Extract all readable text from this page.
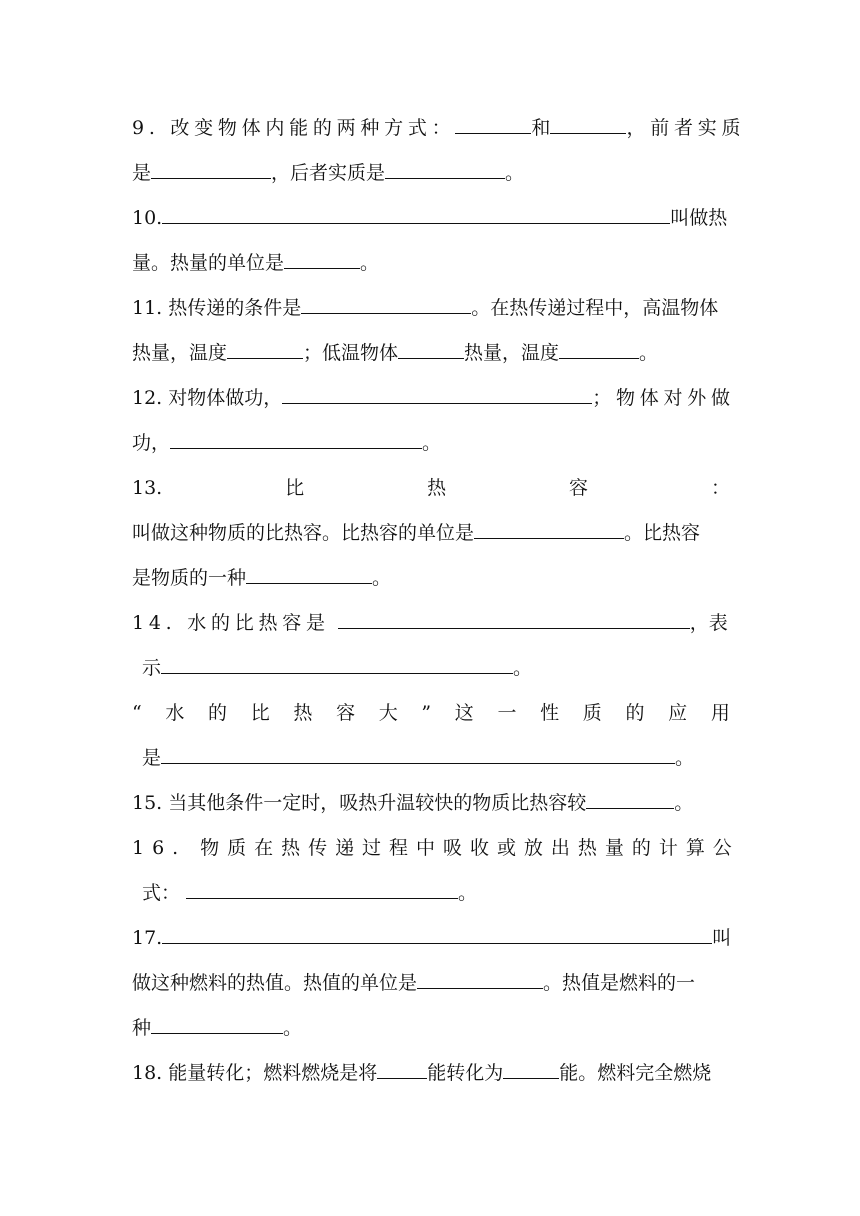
9. 改变物体内能的两种方式：	和	，前者实质
是	，后者实质是	。
10.	叫做热
量。热量的单位是	。
11. 热传递的条件是	。在热传递过程中，高温物体
热量，温度	；低温物体	热量，温度	。
12. 对物体做功，	；物体对外做
功，	。
13.	比	热	容	：
叫做这种物质的比热容。比热容的单位是	。比热容
是物质的一种	。
14. 水的比热容是	，表
示	。
“ 水 的 比 热 容 大 ” 这 一 性 质 的 应 用
是	。
15. 当其他条件一定时，吸热升温较快的物质比热容较	。
16. 物质在热传递过程中吸收或放出热量的计算公
式：	。
17.	叫
做这种燃料的热值。热值的单位是	。热值是燃料的一
种	。
18. 能量转化；燃料燃烧是将	能转化为	能。燃料完全燃烧
